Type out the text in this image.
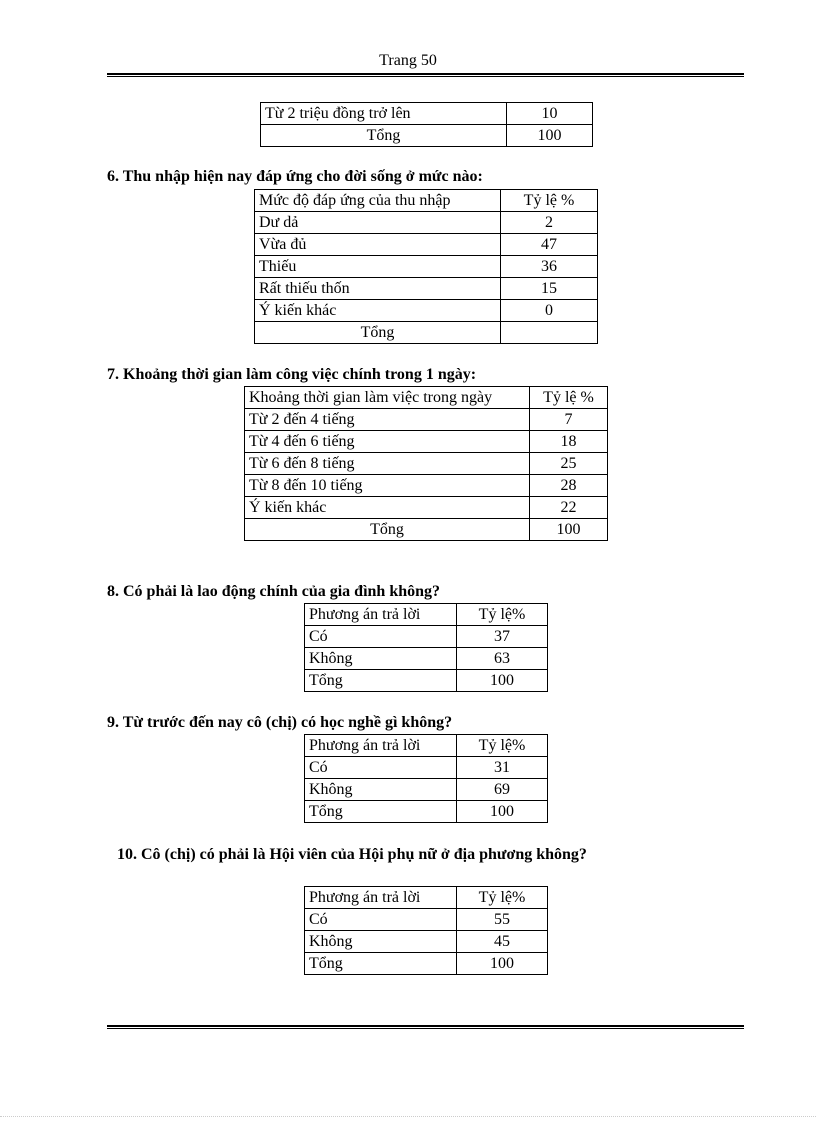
Trang 50
Từ 2 triệu đồng trở lên	10
Tổng	100
6. Thu nhập hiện nay đáp ứng cho đời sống ở mức nào:
Mức độ đáp ứng của thu nhập	Tỷ lệ %
Dư dả	2
Vừa đủ	47
Thiếu	36
Rất thiếu thốn	15
Ý kiến khác	0
Tổng	
7. Khoảng thời gian làm công việc chính trong 1 ngày:
Khoảng thời gian làm việc trong ngày	Tỷ lệ %
Từ 2 đến 4 tiếng	7
Từ 4 đến 6 tiếng	18
Từ 6 đến 8 tiếng	25
Từ 8 đến 10 tiếng	28
Ý kiến khác	22
Tổng	100
8. Có phải là lao động chính của gia đình không?
Phương án trả lời	Tỷ lệ%
Có	37
Không	63
Tổng	100
9. Từ trước đến nay cô (chị) có học nghề gì không?
Phương án trả lời	Tỷ lệ%
Có	31
Không	69
Tổng	100
10. Cô (chị) có phải là Hội viên của Hội phụ nữ ở địa phương không?
Phương án trả lời	Tỷ lệ%
Có	55
Không	45
Tổng	100
